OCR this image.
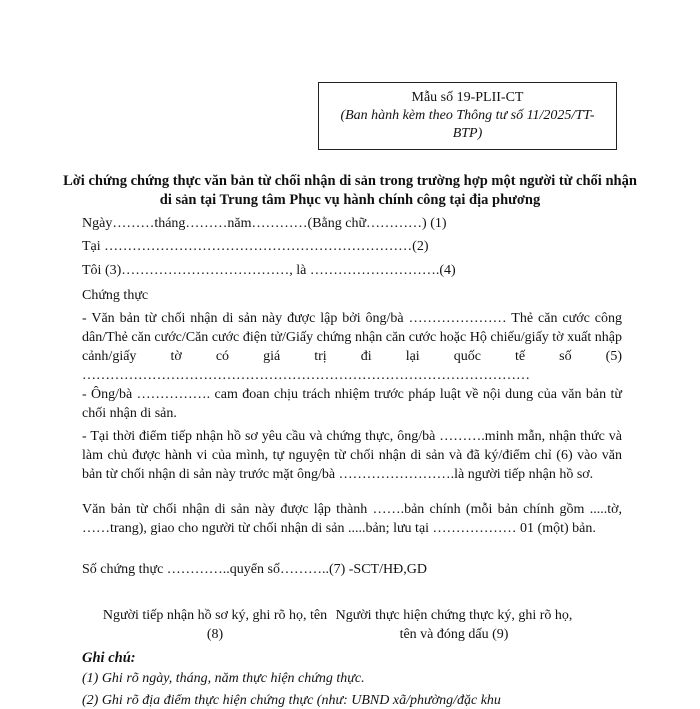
Mẫu số 19-PLII-CT
(Ban hành kèm theo Thông tư số 11/2025/TT-BTP)
Lời chứng chứng thực văn bản từ chối nhận di sản trong trường hợp một người từ chối nhận di sản tại Trung tâm Phục vụ hành chính công tại địa phương
Ngày………tháng………năm…………(Bằng chữ…………) (1)
Tại …………………………………………………………(2)
Tôi (3)………………………………, là ……………………….(4)
Chứng thực
- Văn bản từ chối nhận di sản này được lập bởi ông/bà ………………… Thẻ căn cước công dân/Thẻ căn cước/Căn cước điện tử/Giấy chứng nhận căn cước hoặc Hộ chiếu/giấy tờ xuất nhập cảnh/giấy tờ có giá trị đi lại quốc tế số (5) ……………………………………………………………………………………
- Ông/bà ……………. cam đoan chịu trách nhiệm trước pháp luật về nội dung của văn bản từ chối nhận di sản.
- Tại thời điểm tiếp nhận hồ sơ yêu cầu và chứng thực, ông/bà ……….minh mẫn, nhận thức và làm chủ được hành vi của mình, tự nguyện từ chối nhận di sản và đã ký/điểm chỉ (6) vào văn bản từ chối nhận di sản này trước mặt ông/bà …………………….là người tiếp nhận hồ sơ.
Văn bản từ chối nhận di sản này được lập thành …….bản chính (mỗi bản chính gồm .....tờ, ……trang), giao cho người từ chối nhận di sản .....bản; lưu tại ……………… 01 (một) bản.
Số chứng thực …………..quyển số………..(7) -SCT/HĐ,GD
Người tiếp nhận hồ sơ ký, ghi rõ họ, tên (8)
Người thực hiện chứng thực ký, ghi rõ họ, tên và đóng dấu (9)
Ghi chú:
(1) Ghi rõ ngày, tháng, năm thực hiện chứng thực.
(2) Ghi rõ địa điểm thực hiện chứng thực (như: UBND xã/phường/đặc khu
